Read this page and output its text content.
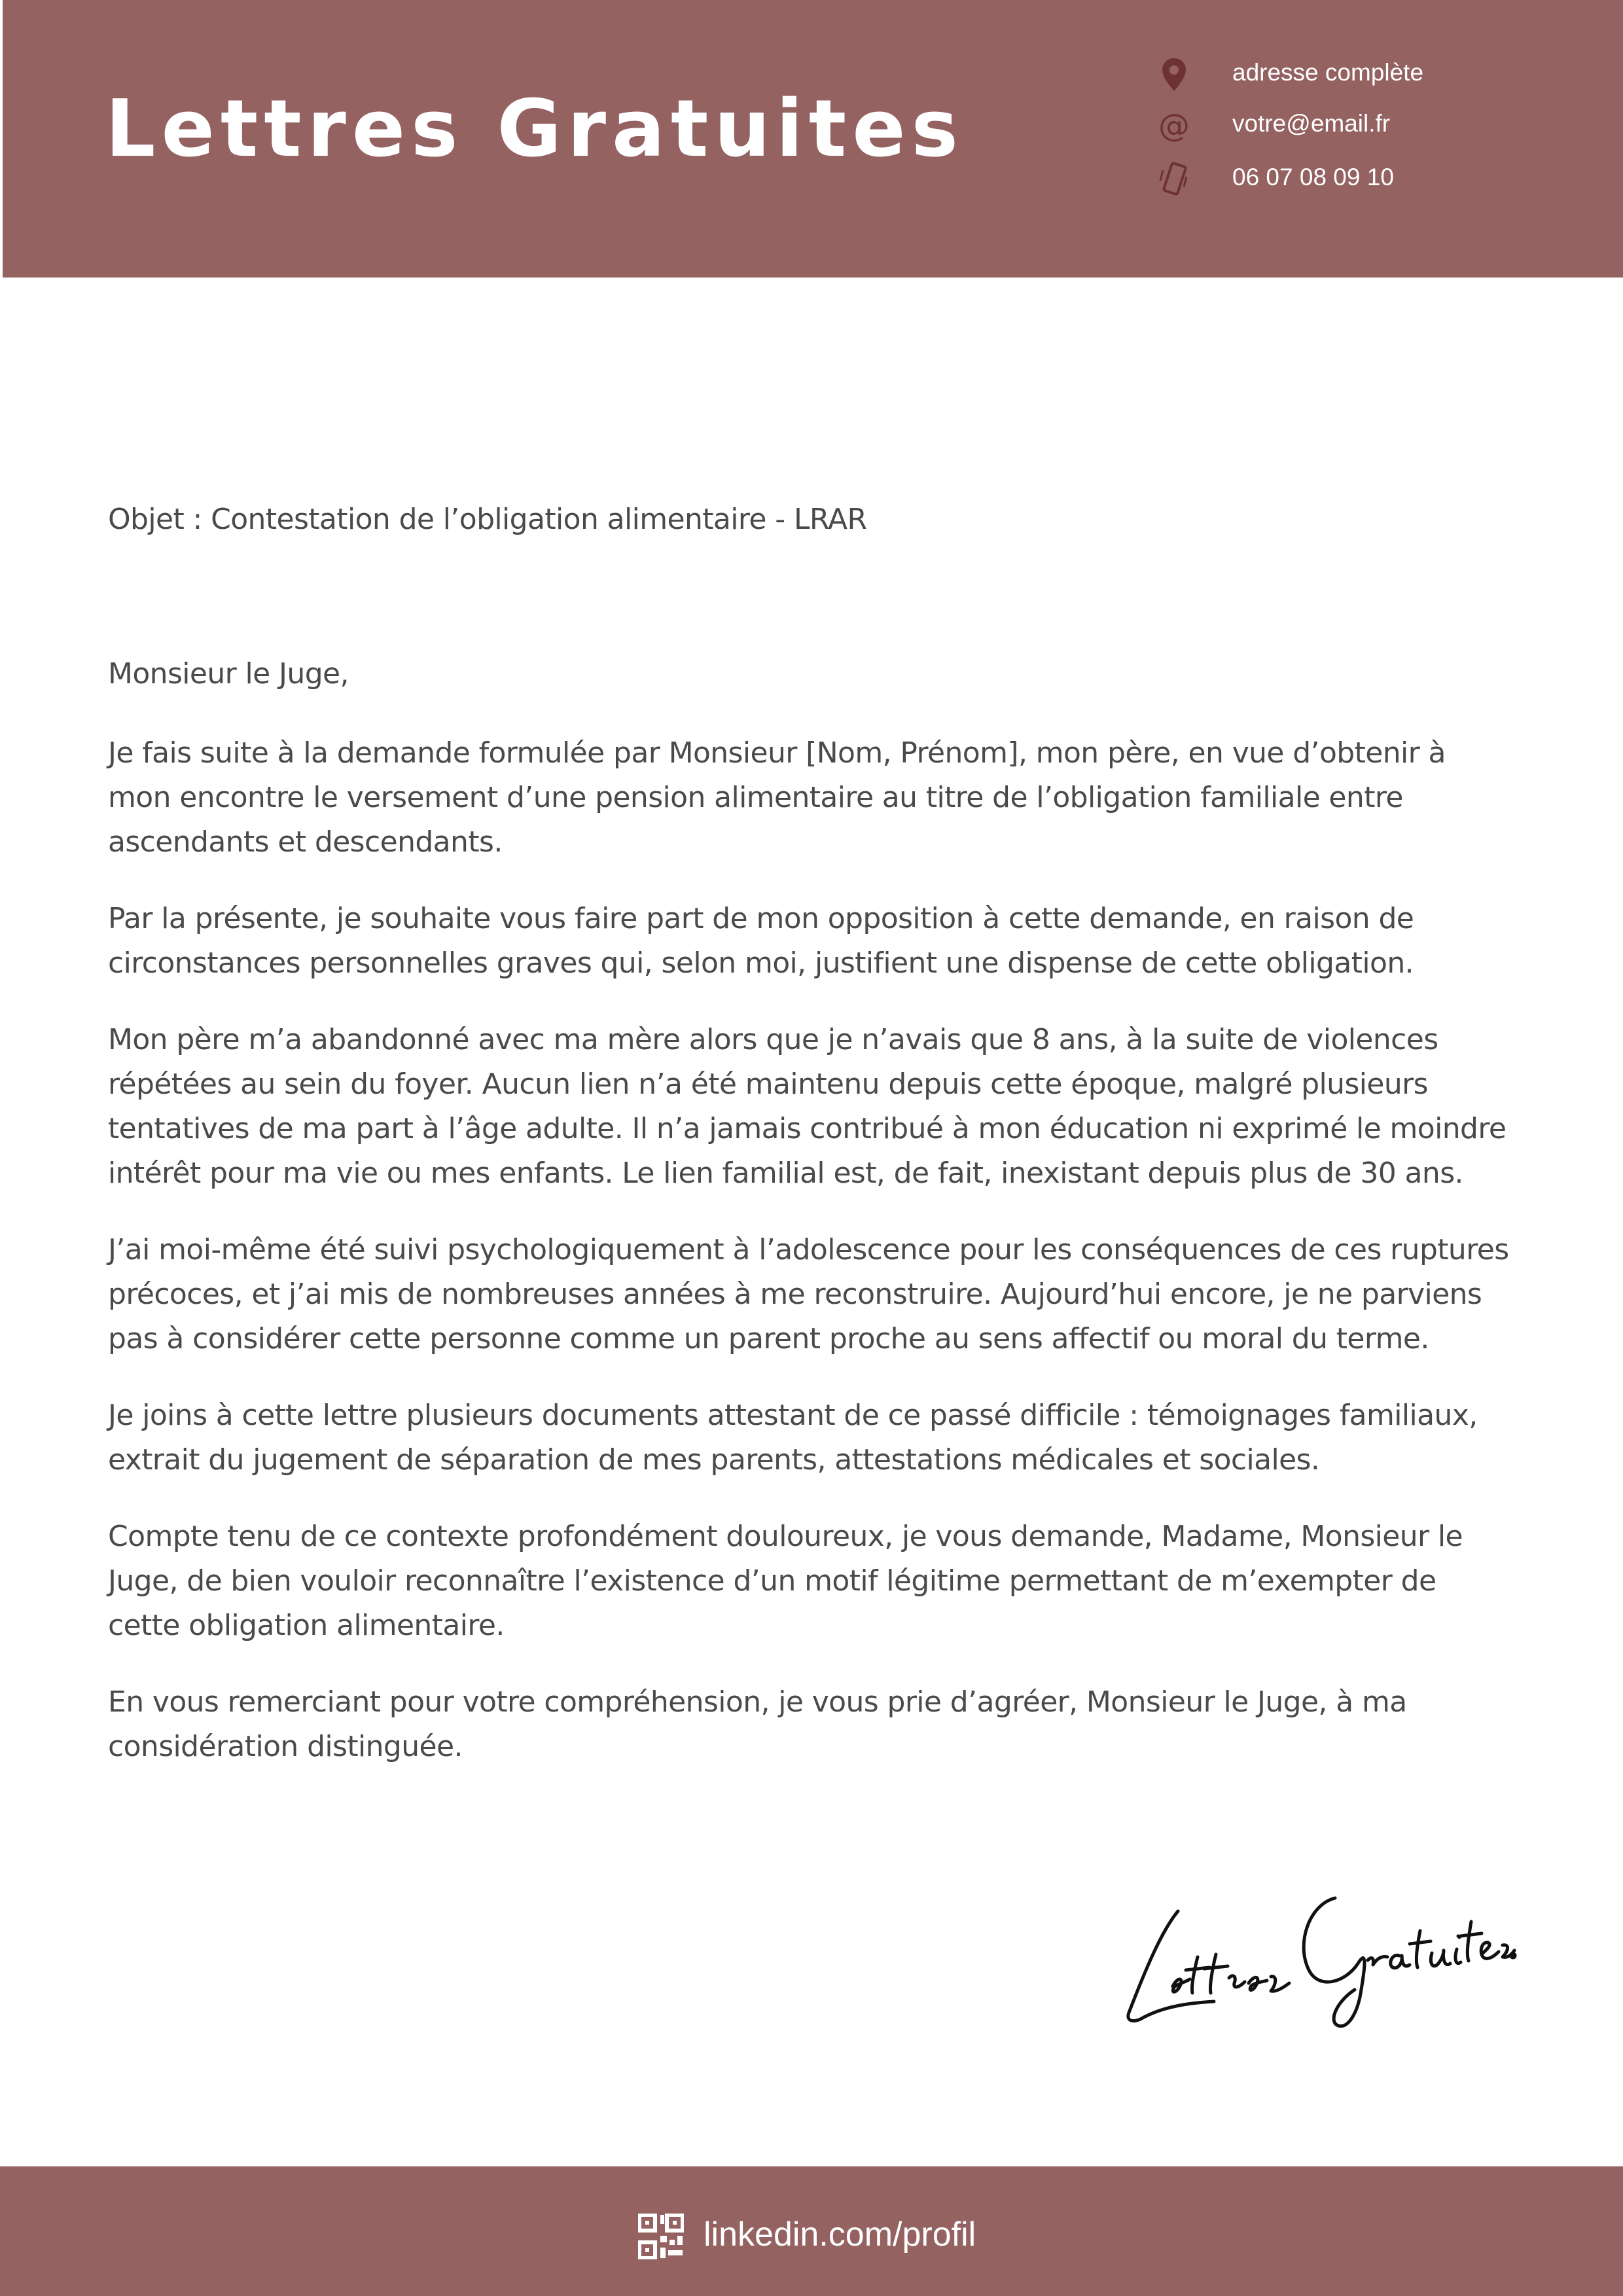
Lettres Gratuites
adresse complète
@ votre@email.fr
06 07 08 09 10
Objet : Contestation de l’obligation alimentaire - LRAR
Monsieur le Juge,

Je fais suite à la demande formulée par Monsieur [Nom, Prénom], mon père, en vue d’obtenir à mon encontre le versement d’une pension alimentaire au titre de l’obligation familiale entre ascendants et descendants.

Par la présente, je souhaite vous faire part de mon opposition à cette demande, en raison de circonstances personnelles graves qui, selon moi, justifient une dispense de cette obligation.

Mon père m’a abandonné avec ma mère alors que je n’avais que 8 ans, à la suite de violences répétées au sein du foyer. Aucun lien n’a été maintenu depuis cette époque, malgré plusieurs tentatives de ma part à l’âge adulte. Il n’a jamais contribué à mon éducation ni exprimé le moindre intérêt pour ma vie ou mes enfants. Le lien familial est, de fait, inexistant depuis plus de 30 ans.

J’ai moi-même été suivi psychologiquement à l’adolescence pour les conséquences de ces ruptures précoces, et j’ai mis de nombreuses années à me reconstruire. Aujourd’hui encore, je ne parviens pas à considérer cette personne comme un parent proche au sens affectif ou moral du terme.

Je joins à cette lettre plusieurs documents attestant de ce passé difficile : témoignages familiaux, extrait du jugement de séparation de mes parents, attestations médicales et sociales.

Compte tenu de ce contexte profondément douloureux, je vous demande, Madame, Monsieur le Juge, de bien vouloir reconnaître l’existence d’un motif légitime permettant de m’exempter de cette obligation alimentaire.

En vous remerciant pour votre compréhension, je vous prie d’agréer, Monsieur le Juge, à ma considération distinguée.

linkedin.com/profil
